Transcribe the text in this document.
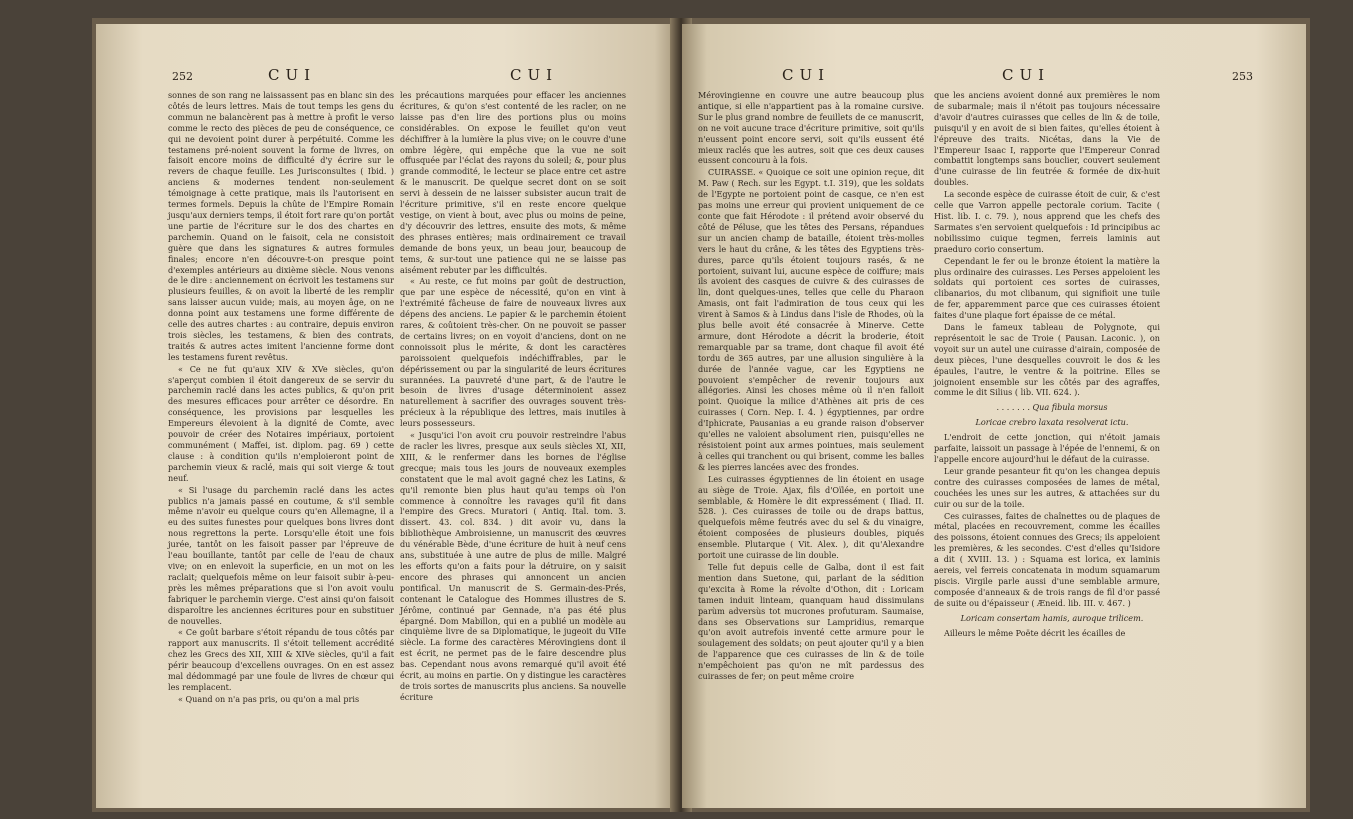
252	CUI	CUI

sonnes de son rang ne laissassent pas en blanc sin des côtés de leurs lettres. Mais de tout temps les gens du commun ne balancèrent pas à mettre à profit le verso comme le recto des pièces de peu de conséquence, ce qui ne devoient point durer à perpétuité. Comme les testamens pré-noient souvent la forme de livres, on faisoit encore moins de difficulté d'y écrire sur le revers de chaque feuille. Les Jurisconsultes ( Ibid. ) anciens & modernes tendent non-seulement témoignage à cette pratique, mais ils l'autorisent en termes formels. Depuis la chûte de l'Empire Romain jusqu'aux derniers temps, il étoit fort rare qu'on portât une partie de l'écriture sur le dos des chartes en parchemin. Quand on le faisoit, cela ne consistoit guère que dans les signatures & autres formules finales; encore n'en découvre-t-on presque point d'exemples antérieurs au dixième siècle. Nous venons de le dire : anciennement on écrivoit les testamens sur plusieurs feuilles, & on avoit la liberté de les remplir sans laisser aucun vuide; mais, au moyen âge, on ne donna point aux testamens une forme différente de celle des autres chartes : au contraire, depuis environ trois siècles, les testamens, & bien des contrats, traités & autres actes imitent l'ancienne forme dont les testamens furent revêtus.

« Ce ne fut qu'aux XIV & XVe siècles, qu'on s'aperçut combien il étoit dangereux de se servir du parchemin raclé dans les actes publics, & qu'on prit des mesures efficaces pour arrêter ce désordre. En conséquence, les provisions par lesquelles les Empereurs élevoient à la dignité de Comte, avec pouvoir de créer des Notaires impériaux, portoient communément ( Maffei, ist. diplom. pag. 69 ) cette clause : à condition qu'ils n'emploieront point de parchemin vieux & raclé, mais qui soit vierge & tout neuf.

« Si l'usage du parchemin raclé dans les actes publics n'a jamais passé en coutume, & s'il semble même n'avoir eu quelque cours qu'en Allemagne, il a eu des suites funestes pour quelques bons livres dont nous regrettons la perte. Lorsqu'elle étoit une fois jurée, tantôt on les faisoit passer par l'épreuve de l'eau bouillante, tantôt par celle de l'eau de chaux vive; on en enlevoit la superficie, en un mot on les raclait; quelquefois même on leur faisoit subir à-peu-près les mêmes préparations que si l'on avoit voulu fabriquer le parchemin vierge. C'est ainsi qu'on faisoit disparoître les anciennes écritures pour en substituer de nouvelles.

« Ce goût barbare s'étoit répandu de tous côtés par rapport aux manuscrits. Il s'étoit tellement accrédité chez les Grecs des XII, XIII & XIVe siècles, qu'il a fait périr beaucoup d'excellens ouvrages. On en est assez mal dédommagé par une foule de livres de chœur qui les remplacent.

« Quand on n'a pas pris, ou qu'on a mal pris

les précautions marquées pour effacer les anciennes écritures, & qu'on s'est contenté de les racler, on ne laisse pas d'en lire des portions plus ou moins considérables. On expose le feuillet qu'on veut déchiffrer à la lumière la plus vive; on le couvre d'une ombre légère, qui empêche que la vue ne soit offusquée par l'éclat des rayons du soleil; &, pour plus grande commodité, le lecteur se place entre cet astre & le manuscrit. De quelque secret dont on se soit servi à dessein de ne laisser subsister aucun trait de l'écriture primitive, s'il en reste encore quelque vestige, on vient à bout, avec plus ou moins de peine, d'y découvrir des lettres, ensuite des mots, & même des phrases entières; mais ordinairement ce travail demande de bons yeux, un beau jour, beaucoup de tems, & sur-tout une patience qui ne se laisse pas aisément rebuter par les difficultés.

« Au reste, ce fut moins par goût de destruction, que par une espèce de nécessité, qu'on en vint à l'extrémité fâcheuse de faire de nouveaux livres aux dépens des anciens. Le papier & le parchemin étoient rares, & coûtoient très-cher. On ne pouvoit se passer de certains livres; on en voyoit d'anciens, dont on ne connoissoit plus le mérite, & dont les caractères paroissoient quelquefois indéchiffrables, par le dépérissement ou par la singularité de leurs écritures surannées. La pauvreté d'une part, & de l'autre le besoin de livres d'usage déterminoient assez naturellement à sacrifier des ouvrages souvent très-précieux à la république des lettres, mais inutiles à leurs possesseurs.

« Jusqu'ici l'on avoit cru pouvoir restreindre l'abus de racler les livres, presque aux seuls siècles XI, XII, XIII, & le renfermer dans les bornes de l'église grecque; mais tous les jours de nouveaux exemples constatent que le mal avoit gagné chez les Latins, & qu'il remonte bien plus haut qu'au temps où l'on commence à connoître les ravages qu'il fit dans l'empire des Grecs. Muratori ( Antiq. Ital. tom. 3. dissert. 43. col. 834. ) dit avoir vu, dans la bibliothèque Ambroisienne, un manuscrit des œuvres du vénérable Bède, d'une écriture de huit à neuf cens ans, substituée à une autre de plus de mille. Malgré les efforts qu'on a faits pour la détruire, on y saisit encore des phrases qui annoncent un ancien pontifical. Un manuscrit de S. Germain-des-Prés, contenant le Catalogue des Hommes illustres de S. Jérôme, continué par Gennade, n'a pas été plus épargné. Dom Mabillon, qui en a publié un modèle au cinquième livre de sa Diplomatique, le jugeoit du VIIe siècle. La forme des caractères Mérovingiens dont il est écrit, ne permet pas de le faire descendre plus bas. Cependant nous avons remarqué qu'il avoit été écrit, au moins en partie. On y distingue les caractères de trois sortes de manuscrits plus anciens. Sa nouvelle écriture

CUI	CUI	253

Mérovingienne en couvre une autre beaucoup plus antique, si elle n'appartient pas à la romaine cursive. Sur le plus grand nombre de feuillets de ce manuscrit, on ne voit aucune trace d'écriture primitive, soit qu'ils n'eussent point encore servi, soit qu'ils eussent été mieux raclés que les autres, soit que ces deux causes eussent concouru à la fois.

CUIRASSE. « Quoique ce soit une opinion reçue, dit M. Paw ( Rech. sur les Egypt. t.I. 319), que les soldats de l'Egypte ne portoient point de casque, ce n'en est pas moins une erreur qui provient uniquement de ce conte que fait Hérodote : il prétend avoir observé du côté de Péluse, que les têtes des Persans, répandues sur un ancien champ de bataille, étoient très-molles vers le haut du crâne, & les têtes des Egyptiens très-dures, parce qu'ils étoient toujours rasés, & ne portoient, suivant lui, aucune espèce de coiffure; mais ils avoient des casques de cuivre & des cuirasses de lin, dont quelques-unes, telles que celle du Pharaon Amasis, ont fait l'admiration de tous ceux qui les virent à Samos & à Lindus dans l'isle de Rhodes, où la plus belle avoit été consacrée à Minerve. Cette armure, dont Hérodote a décrit la broderie, étoit remarquable par sa trame, dont chaque fil avoit été tordu de 365 autres, par une allusion singulière à la durée de l'année vague, car les Egyptiens ne pouvoient s'empêcher de revenir toujours aux allégories. Ainsi les choses même où il n'en falloit point. Quoique la milice d'Athènes ait pris de ces cuirasses ( Corn. Nep. I. 4. ) égyptiennes, par ordre d'Iphicrate, Pausanias a eu grande raison d'observer qu'elles ne valoient absolument rien, puisqu'elles ne résistoient point aux armes pointues, mais seulement à celles qui tranchent ou qui brisent, comme les balles & les pierres lancées avec des frondes.

Les cuirasses égyptiennes de lin étoient en usage au siège de Troie. Ajax, fils d'Oïlée, en portoit une semblable, & Homère le dit expressément ( Iliad. II. 528. ). Ces cuirasses de toile ou de draps battus, quelquefois même feutrés avec du sel & du vinaigre, étoient composées de plusieurs doubles, piqués ensemble. Plutarque ( Vit. Alex. ), dit qu'Alexandre portoit une cuirasse de lin double.

Telle fut depuis celle de Galba, dont il est fait mention dans Suetone, qui, parlant de la sédition qu'excita à Rome la révolte d'Othon, dit : Loricam tamen induit linteam, quanquam haud dissimulans parùm adversùs tot mucrones profuturam. Saumaise, dans ses Observations sur Lampridius, remarque qu'on avoit autrefois inventé cette armure pour le soulagement des soldats; on peut ajouter qu'il y a bien de l'apparence que ces cuirasses de lin & de toile n'empêchoient pas qu'on ne mît pardessus des cuirasses de fer; on peut même croire

que les anciens avoient donné aux premières le nom de subarmale; mais il n'étoit pas toujours nécessaire d'avoir d'autres cuirasses que celles de lin & de toile, puisqu'il y en avoit de si bien faites, qu'elles étoient à l'épreuve des traits. Nicétas, dans la Vie de l'Empereur Isaac I, rapporte que l'Empereur Conrad combattit longtemps sans bouclier, couvert seulement d'une cuirasse de lin feutrée & formée de dix-huit doubles.

La seconde espèce de cuirasse étoit de cuir, & c'est celle que Varron appelle pectorale corium. Tacite ( Hist. lib. I. c. 79. ), nous apprend que les chefs des Sarmates s'en servoient quelquefois : Id principibus ac nobilissimo cuique tegmen, ferreis laminis aut praeduro corio consertum.

Cependant le fer ou le bronze étoient la matière la plus ordinaire des cuirasses. Les Perses appeloient les soldats qui portoient ces sortes de cuirasses, clibanarios, du mot clibanum, qui signifioit une tuile de fer, apparemment parce que ces cuirasses étoient faites d'une plaque fort épaisse de ce métal.

Dans le fameux tableau de Polygnote, qui représentoit le sac de Troie ( Pausan. Laconic. ), on voyoit sur un autel une cuirasse d'airain, composée de deux pièces, l'une desquelles couvroit le dos & les épaules, l'autre, le ventre & la poitrine. Elles se joignoient ensemble sur les côtés par des agraffes, comme le dit Silius ( lib. VII. 624. ).

. . . . . . . Qua fibula morsus

Loricae crebro laxata resolverat ictu.

L'endroit de cette jonction, qui n'étoit jamais parfaite, laissoit un passage à l'épée de l'ennemi, & on l'appelle encore aujourd'hui le défaut de la cuirasse.

Leur grande pesanteur fit qu'on les changea depuis contre des cuirasses composées de lames de métal, couchées les unes sur les autres, & attachées sur du cuir ou sur de la toile.

Ces cuirasses, faites de chaînettes ou de plaques de métal, placées en recouvrement, comme les écailles des poissons, étoient connues des Grecs; ils appeloient les premières, & les secondes. C'est d'elles qu'Isidore a dit ( XVIII. 13. ) : Squama est lorica, ex laminis aereis, vel ferreis concatenata in modum squamarum piscis. Virgile parle aussi d'une semblable armure, composée d'anneaux & de trois rangs de fil d'or passé de suite ou d'épaisseur ( Æneid. lib. III. v. 467. )

Loricam consertam hamis, auroque trilicem.

Ailleurs le même Poëte décrit les écailles de
